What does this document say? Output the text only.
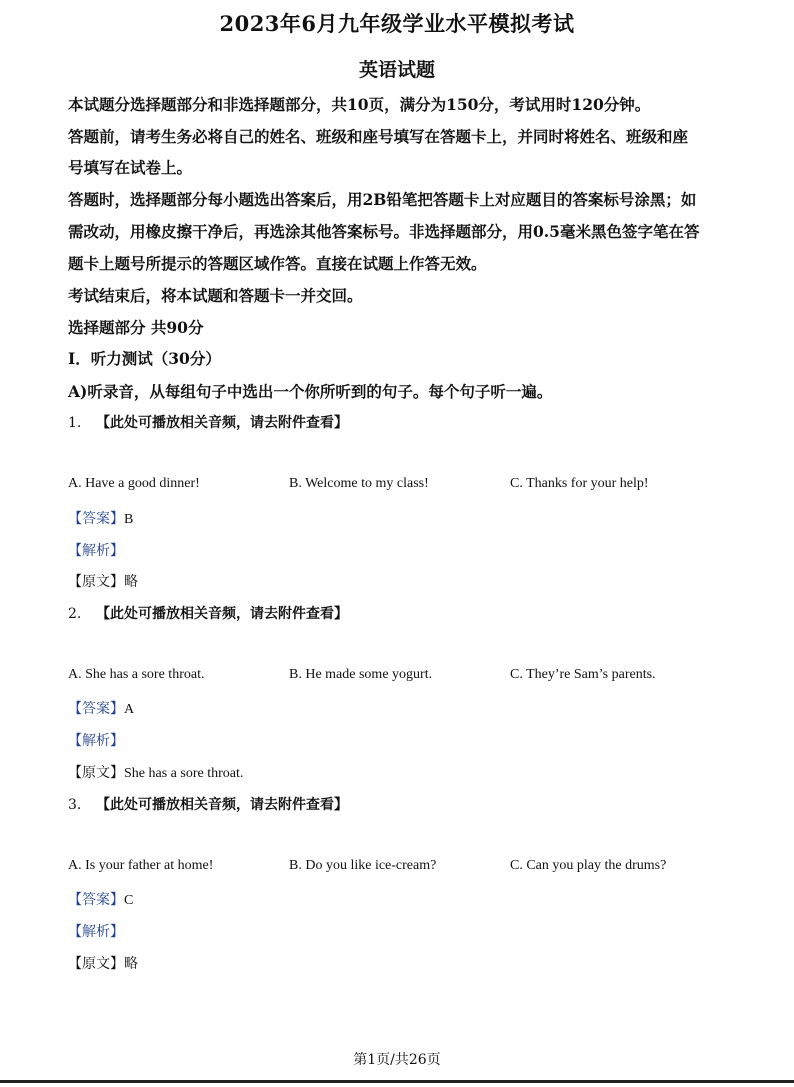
2023年6月九年级学业水平模拟考试
英语试题
本试题分选择题部分和非选择题部分，共10页，满分为150分，考试用时120分钟。
答题前，请考生务必将自己的姓名、班级和座号填写在答题卡上，并同时将姓名、班级和座
号填写在试卷上。
答题时，选择题部分每小题选出答案后，用2B铅笔把答题卡上对应题目的答案标号涂黑；如
需改动，用橡皮擦干净后，再选涂其他答案标号。非选择题部分，用0.5毫米黑色签字笔在答
题卡上题号所提示的答题区域作答。直接在试题上作答无效。
考试结束后，将本试题和答题卡一并交回。
选择题部分 共90分
I．听力测试（30分）
A)听录音，从每组句子中选出一个你所听到的句子。每个句子听一遍。
1. 【此处可播放相关音频，请去附件查看】
A. Have a good dinner!	B. Welcome to my class!	C. Thanks for your help!
【答案】B
【解析】
【原文】略
2. 【此处可播放相关音频，请去附件查看】
A. She has a sore throat.	B. He made some yogurt.	C. They’re Sam’s parents.
【答案】A
【解析】
【原文】She has a sore throat.
3. 【此处可播放相关音频，请去附件查看】
A. Is your father at home!	B. Do you like ice-cream?	C. Can you play the drums?
【答案】C
【解析】
【原文】略
第1页/共26页
